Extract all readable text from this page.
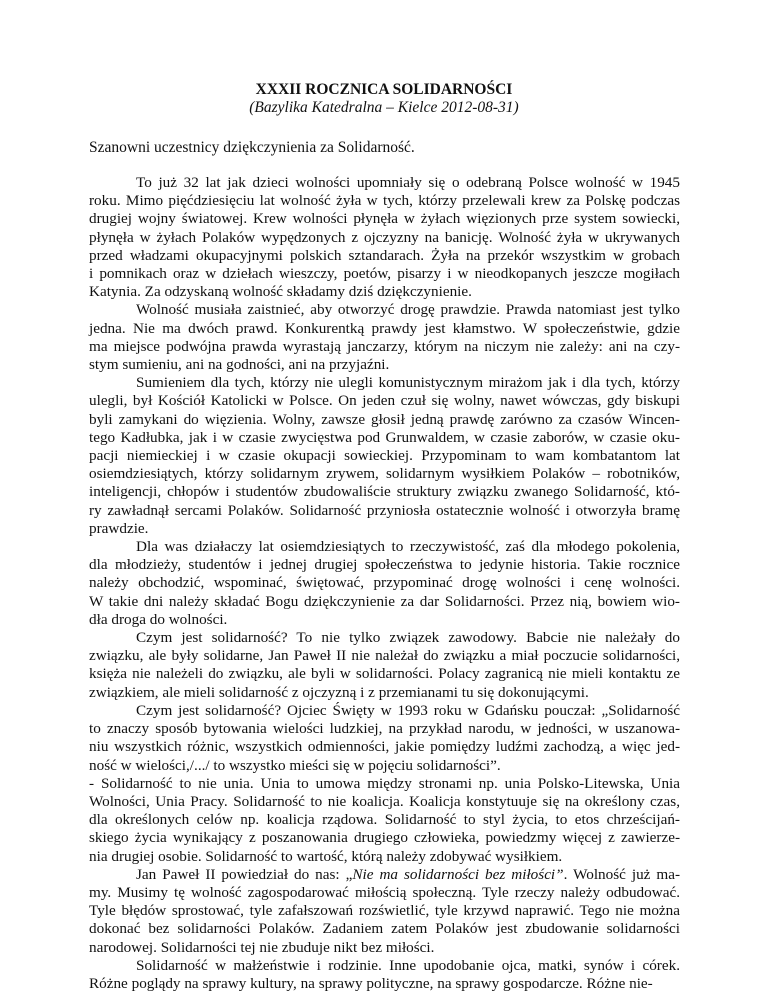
XXXII ROCZNICA SOLIDARNOŚCI

(Bazylika Katedralna – Kielce 2012-08-31)

Szanowni uczestnicy dziękczynienia za Solidarność.

To już 32 lat jak dzieci wolności upomniały się o odebraną Polsce wolność w 1945
roku. Mimo pięćdziesięciu lat wolność żyła w tych, którzy przelewali krew za Polskę podczas
drugiej wojny światowej. Krew wolności płynęła w żyłach więzionych prze system sowiecki,
płynęła w żyłach Polaków wypędzonych z ojczyzny na banicję. Wolność żyła w ukrywanych
przed władzami okupacyjnymi polskich sztandarach. Żyła na przekór wszystkim w grobach
i pomnikach oraz w dziełach wieszczy, poetów, pisarzy i w nieodkopanych jeszcze mogiłach
Katynia. Za odzyskaną wolność składamy dziś dziękczynienie.
Wolność musiała zaistnieć, aby otworzyć drogę prawdzie. Prawda natomiast jest tylko
jedna. Nie ma dwóch prawd. Konkurentką prawdy jest kłamstwo. W społeczeństwie, gdzie
ma miejsce podwójna prawda wyrastają janczarzy, którym na niczym nie zależy: ani na czy-
stym sumieniu, ani na godności, ani na przyjaźni.
Sumieniem dla tych, którzy nie ulegli komunistycznym mirażom jak i dla tych, którzy
ulegli, był Kościół Katolicki w Polsce. On jeden czuł się wolny, nawet wówczas, gdy biskupi
byli zamykani do więzienia. Wolny, zawsze głosił jedną prawdę zarówno za czasów Wincen-
tego Kadłubka, jak i w czasie zwycięstwa pod Grunwaldem, w czasie zaborów, w czasie oku-
pacji niemieckiej i w czasie okupacji sowieckiej. Przypominam to wam kombatantom lat
osiemdziesiątych, którzy solidarnym zrywem, solidarnym wysiłkiem Polaków – robotników,
inteligencji, chłopów i studentów zbudowaliście struktury związku zwanego Solidarność, któ-
ry zawładnął sercami Polaków. Solidarność przyniosła ostatecznie wolność i otworzyła bramę
prawdzie.
Dla was działaczy lat osiemdziesiątych to rzeczywistość, zaś dla młodego pokolenia,
dla młodzieży, studentów i jednej drugiej społeczeństwa to jedynie historia. Takie rocznice
należy obchodzić, wspominać, świętować, przypominać drogę wolności i cenę wolności.
W takie dni należy składać Bogu dziękczynienie za dar Solidarności. Przez nią, bowiem wio-
dła droga do wolności.
Czym jest solidarność? To nie tylko związek zawodowy. Babcie nie należały do
związku, ale były solidarne, Jan Paweł II nie należał do związku a miał poczucie solidarności,
księża nie należeli do związku, ale byli w solidarności. Polacy zagranicą nie mieli kontaktu ze
związkiem, ale mieli solidarność z ojczyzną i z przemianami tu się dokonującymi.
Czym jest solidarność? Ojciec Święty w 1993 roku w Gdańsku pouczał: „Solidarność
to znaczy sposób bytowania wielości ludzkiej, na przykład narodu, w jedności, w uszanowa-
niu wszystkich różnic, wszystkich odmienności, jakie pomiędzy ludźmi zachodzą, a więc jed-
ność w wielości,/.../ to wszystko mieści się w pojęciu solidarności”.
- Solidarność to nie unia. Unia to umowa między stronami np. unia Polsko-Litewska, Unia
Wolności, Unia Pracy. Solidarność to nie koalicja. Koalicja konstytuuje się na określony czas,
dla określonych celów np. koalicja rządowa. Solidarność to styl życia, to etos chrześcijań-
skiego życia wynikający z poszanowania drugiego człowieka, powiedzmy więcej z zawierze-
nia drugiej osobie. Solidarność to wartość, którą należy zdobywać wysiłkiem.
Jan Paweł II powiedział do nas: „Nie ma solidarności bez miłości”. Wolność już ma-
my. Musimy tę wolność zagospodarować miłością społeczną. Tyle rzeczy należy odbudować.
Tyle błędów sprostować, tyle zafałszowań rozświetlić, tyle krzywd naprawić. Tego nie można
dokonać bez solidarności Polaków. Zadaniem zatem Polaków jest zbudowanie solidarności
narodowej. Solidarności tej nie zbuduje nikt bez miłości.
Solidarność w małżeństwie i rodzinie. Inne upodobanie ojca, matki, synów i córek.
Różne poglądy na sprawy kultury, na sprawy polityczne, na sprawy gospodarcze. Różne nie-
